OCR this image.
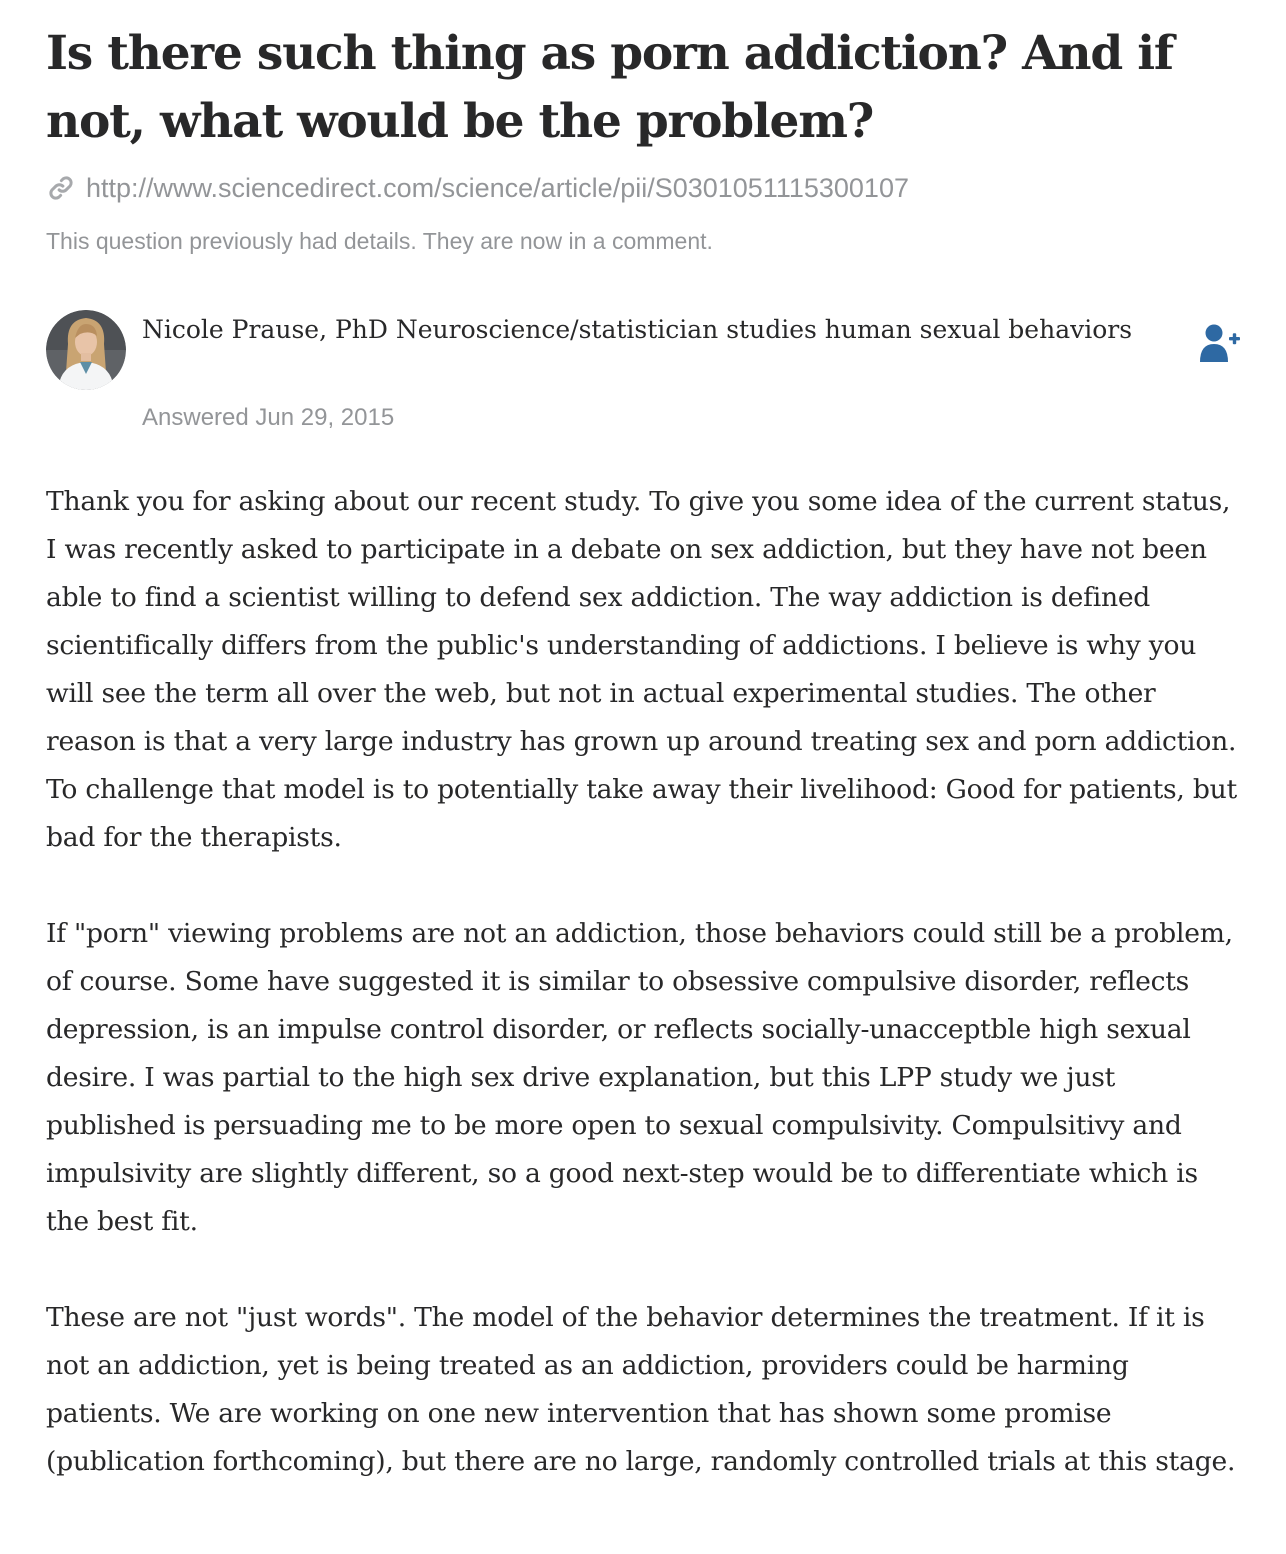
Is there such thing as porn addiction? And if not, what would be the problem?
http://www.sciencedirect.com/science/article/pii/S0301051115300107
This question previously had details. They are now in a comment.
Nicole Prause, PhD Neuroscience/statistician studies human sexual behaviors
Answered Jun 29, 2015

Thank you for asking about our recent study. To give you some idea of the current status, I was recently asked to participate in a debate on sex addiction, but they have not been able to find a scientist willing to defend sex addiction. The way addiction is defined scientifically differs from the public's understanding of addictions. I believe is why you will see the term all over the web, but not in actual experimental studies. The other reason is that a very large industry has grown up around treating sex and porn addiction. To challenge that model is to potentially take away their livelihood: Good for patients, but bad for the therapists.

If "porn" viewing problems are not an addiction, those behaviors could still be a problem, of course. Some have suggested it is similar to obsessive compulsive disorder, reflects depression, is an impulse control disorder, or reflects socially-unacceptble high sexual desire. I was partial to the high sex drive explanation, but this LPP study we just published is persuading me to be more open to sexual compulsivity. Compulsitivy and impulsivity are slightly different, so a good next-step would be to differentiate which is the best fit.

These are not "just words". The model of the behavior determines the treatment. If it is not an addiction, yet is being treated as an addiction, providers could be harming patients. We are working on one new intervention that has shown some promise (publication forthcoming), but there are no large, randomly controlled trials at this stage.
